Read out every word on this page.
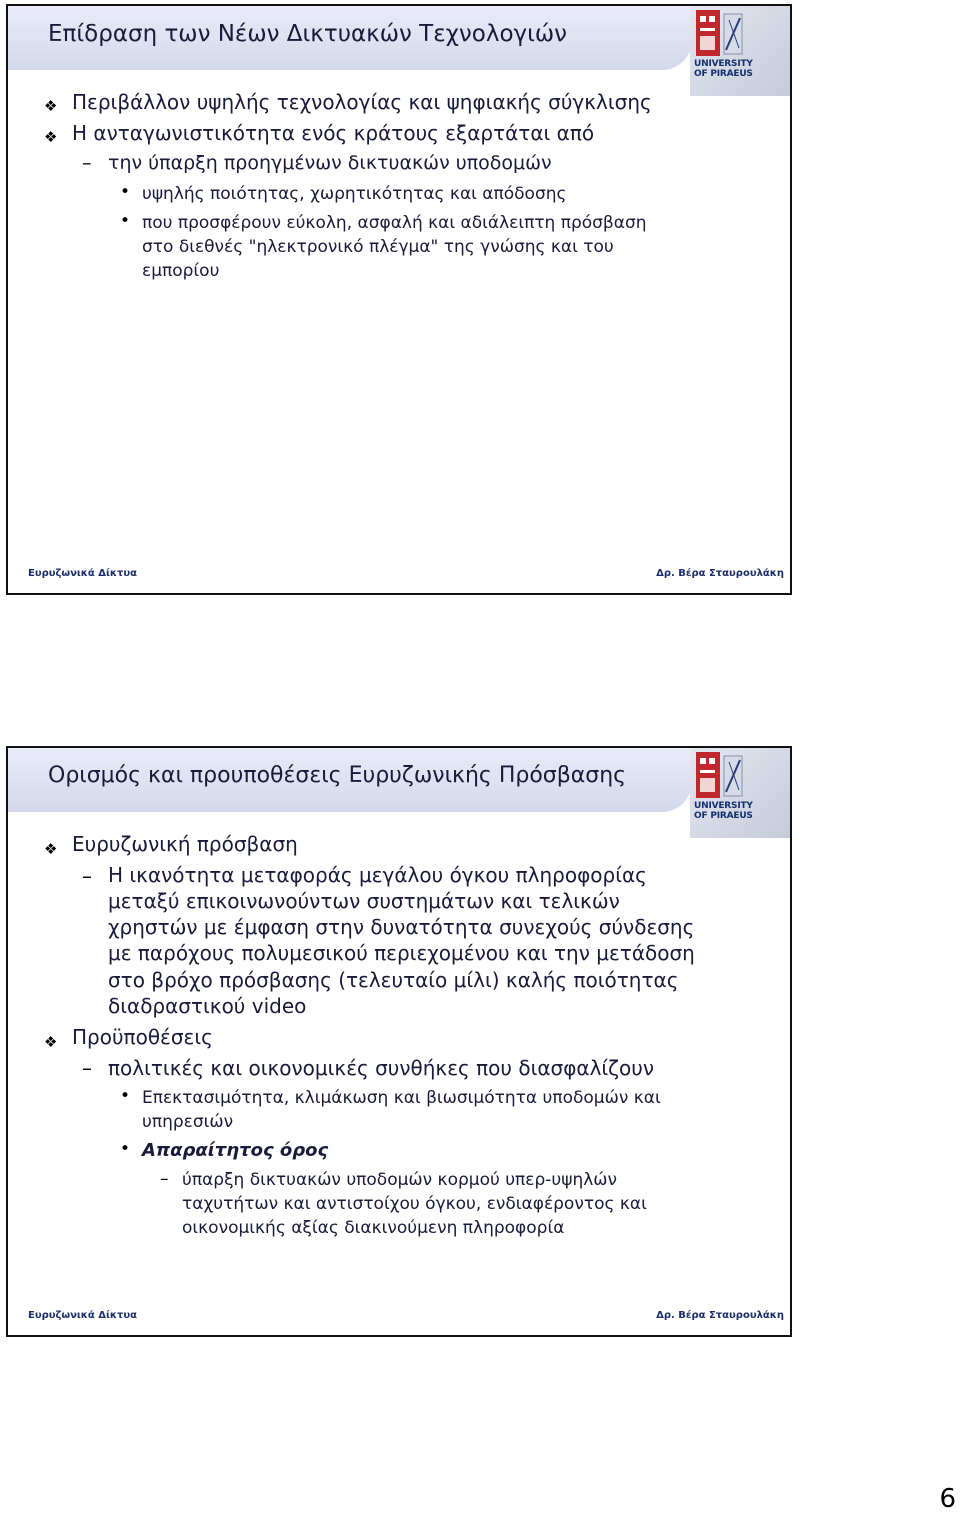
Επίδραση των Νέων Δικτυακών Τεχνολογιών
UNIVERSITY
OF PIRAEUS
❖ Περιβάλλον υψηλής τεχνολογίας και ψηφιακής σύγκλισης
❖ Η ανταγωνιστικότητα ενός κράτους εξαρτάται από
– την ύπαρξη προηγμένων δικτυακών υποδομών
• υψηλής ποιότητας, χωρητικότητας και απόδοσης
• που προσφέρουν εύκολη, ασφαλή και αδιάλειπτη πρόσβαση
στο διεθνές "ηλεκτρονικό πλέγμα" της γνώσης και του
εμπορίου
Ευρυζωνικά Δίκτυα	Δρ. Βέρα Σταυρουλάκη
Ορισμός και προυποθέσεις Ευρυζωνικής Πρόσβασης
UNIVERSITY
OF PIRAEUS
❖ Ευρυζωνική πρόσβαση
– Η ικανότητα μεταφοράς μεγάλου όγκου πληροφορίας
μεταξύ επικοινωνούντων συστημάτων και τελικών
χρηστών με έμφαση στην δυνατότητα συνεχούς σύνδεσης
με παρόχους πολυμεσικού περιεχομένου και την μετάδοση
στο βρόχο πρόσβασης (τελευταίο μίλι) καλής ποιότητας
διαδραστικού video
❖ Προϋποθέσεις
– πολιτικές και οικονομικές συνθήκες που διασφαλίζουν
• Επεκτασιμότητα, κλιμάκωση και βιωσιμότητα υποδομών και
υπηρεσιών
• Απαραίτητος όρος
– ύπαρξη δικτυακών υποδομών κορμού υπερ-υψηλών
ταχυτήτων και αντιστοίχου όγκου, ενδιαφέροντος και
οικονομικής αξίας διακινούμενη πληροφορία
Ευρυζωνικά Δίκτυα	Δρ. Βέρα Σταυρουλάκη
6
